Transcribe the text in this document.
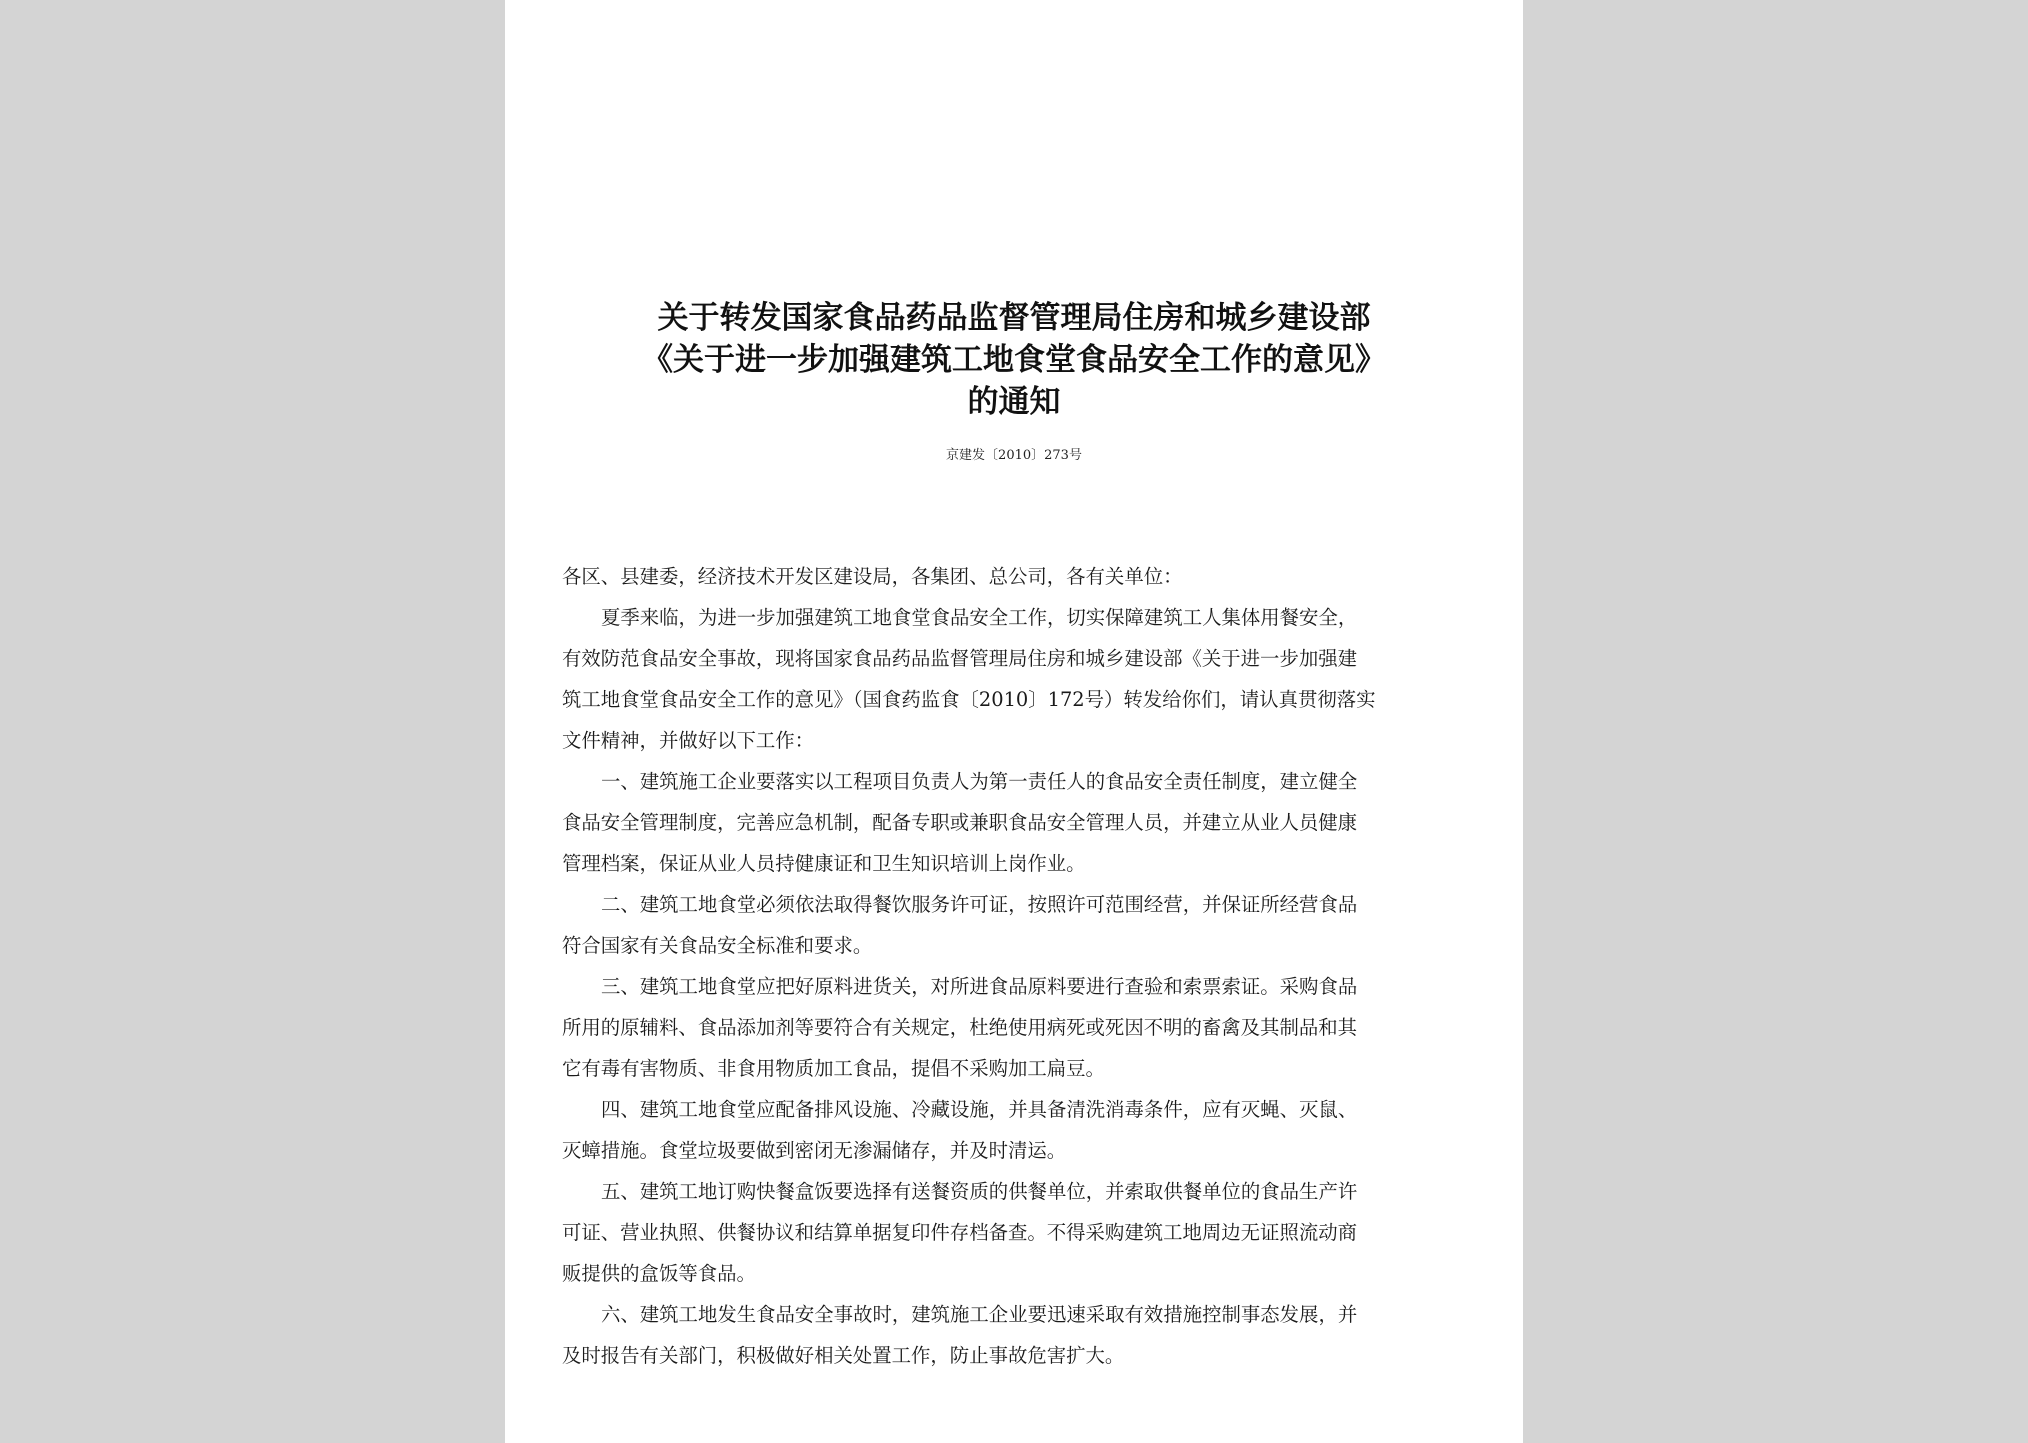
关于转发国家食品药品监督管理局住房和城乡建设部
《关于进一步加强建筑工地食堂食品安全工作的意见》
的通知
京建发〔2010〕273号
各区、县建委，经济技术开发区建设局，各集团、总公司，各有关单位：
夏季来临，为进一步加强建筑工地食堂食品安全工作，切实保障建筑工人集体用餐安全，
有效防范食品安全事故，现将国家食品药品监督管理局住房和城乡建设部《关于进一步加强建
筑工地食堂食品安全工作的意见》（国食药监食〔2010〕172号）转发给你们，请认真贯彻落实
文件精神，并做好以下工作：
一、建筑施工企业要落实以工程项目负责人为第一责任人的食品安全责任制度，建立健全
食品安全管理制度，完善应急机制，配备专职或兼职食品安全管理人员，并建立从业人员健康
管理档案，保证从业人员持健康证和卫生知识培训上岗作业。
二、建筑工地食堂必须依法取得餐饮服务许可证，按照许可范围经营，并保证所经营食品
符合国家有关食品安全标准和要求。
三、建筑工地食堂应把好原料进货关，对所进食品原料要进行查验和索票索证。采购食品
所用的原辅料、食品添加剂等要符合有关规定，杜绝使用病死或死因不明的畜禽及其制品和其
它有毒有害物质、非食用物质加工食品，提倡不采购加工扁豆。
四、建筑工地食堂应配备排风设施、冷藏设施，并具备清洗消毒条件，应有灭蝇、灭鼠、
灭蟑措施。食堂垃圾要做到密闭无渗漏储存，并及时清运。
五、建筑工地订购快餐盒饭要选择有送餐资质的供餐单位，并索取供餐单位的食品生产许
可证、营业执照、供餐协议和结算单据复印件存档备查。不得采购建筑工地周边无证照流动商
贩提供的盒饭等食品。
六、建筑工地发生食品安全事故时，建筑施工企业要迅速采取有效措施控制事态发展，并
及时报告有关部门，积极做好相关处置工作，防止事故危害扩大。
